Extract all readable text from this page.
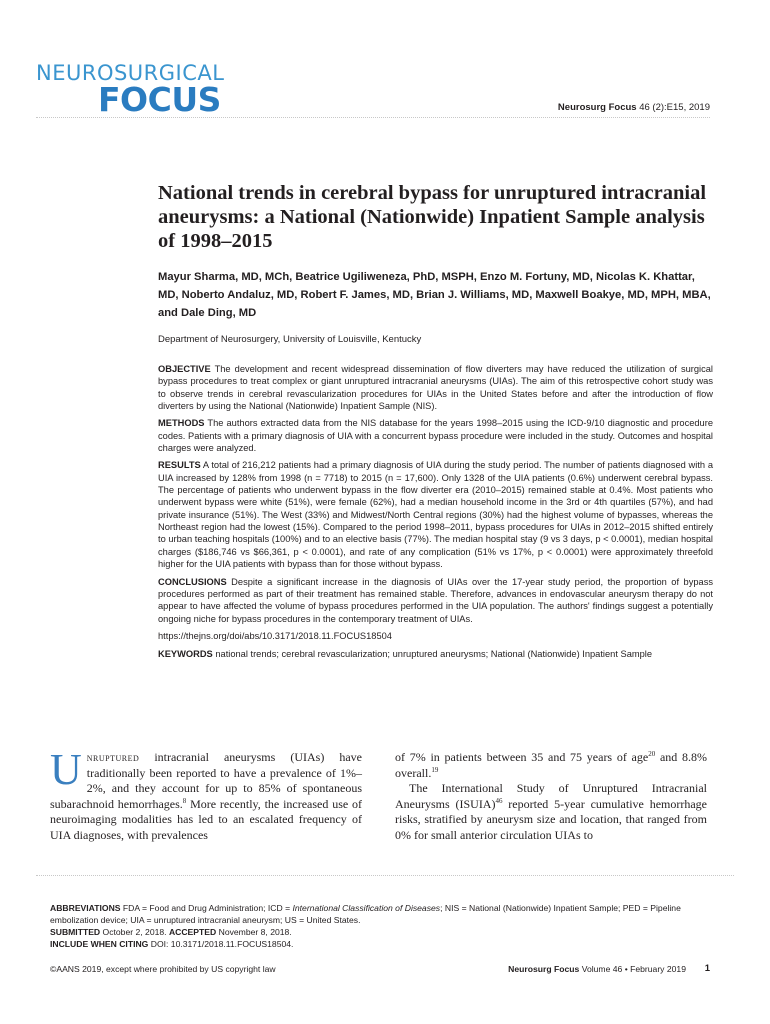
NEUROSURGICAL
FOCUS	Neurosurg Focus 46 (2):E15, 2019
National trends in cerebral bypass for unruptured intracranial aneurysms: a National (Nationwide) Inpatient Sample analysis of 1998–2015

Mayur Sharma, MD, MCh, Beatrice Ugiliweneza, PhD, MSPH, Enzo M. Fortuny, MD, Nicolas K. Khattar, MD, Noberto Andaluz, MD, Robert F. James, MD, Brian J. Williams, MD, Maxwell Boakye, MD, MPH, MBA, and Dale Ding, MD

Department of Neurosurgery, University of Louisville, Kentucky

OBJECTIVE The development and recent widespread dissemination of flow diverters may have reduced the utilization of surgical bypass procedures to treat complex or giant unruptured intracranial aneurysms (UIAs). The aim of this retrospective cohort study was to observe trends in cerebral revascularization procedures for UIAs in the United States before and after the introduction of flow diverters by using the National (Nationwide) Inpatient Sample (NIS).

METHODS The authors extracted data from the NIS database for the years 1998–2015 using the ICD-9/10 diagnostic and procedure codes. Patients with a primary diagnosis of UIA with a concurrent bypass procedure were included in the study. Outcomes and hospital charges were analyzed.

RESULTS A total of 216,212 patients had a primary diagnosis of UIA during the study period. The number of patients diagnosed with a UIA increased by 128% from 1998 (n = 7718) to 2015 (n = 17,600). Only 1328 of the UIA patients (0.6%) underwent cerebral bypass. The percentage of patients who underwent bypass in the flow diverter era (2010–2015) remained stable at 0.4%. Most patients who underwent bypass were white (51%), were female (62%), had a median household income in the 3rd or 4th quartiles (57%), and had private insurance (51%). The West (33%) and Midwest/North Central regions (30%) had the highest volume of bypasses, whereas the Northeast region had the lowest (15%). Compared to the period 1998–2011, bypass procedures for UIAs in 2012–2015 shifted entirely to urban teaching hospitals (100%) and to an elective basis (77%). The median hospital stay (9 vs 3 days, p < 0.0001), median hospital charges ($186,746 vs $66,361, p < 0.0001), and rate of any complication (51% vs 17%, p < 0.0001) were approximately threefold higher for the UIA patients with bypass than for those without bypass.

CONCLUSIONS Despite a significant increase in the diagnosis of UIAs over the 17-year study period, the proportion of bypass procedures performed as part of their treatment has remained stable. Therefore, advances in endovascular aneurysm therapy do not appear to have affected the volume of bypass procedures performed in the UIA population. The authors' findings suggest a potentially ongoing niche for bypass procedures in the contemporary treatment of UIAs.

https://thejns.org/doi/abs/10.3171/2018.11.FOCUS18504

KEYWORDS national trends; cerebral revascularization; unruptured aneurysms; National (Nationwide) Inpatient Sample

Unruptured intracranial aneurysms (UIAs) have traditionally been reported to have a prevalence of 1%–2%, and they account for up to 85% of spontaneous subarachnoid hemorrhages.$^8$ More recently, the increased use of neuroimaging modalities has led to an escalated frequency of UIA diagnoses, with prevalences

of 7% in patients between 35 and 75 years of age$^{20}$ and 8.8% overall.$^{19}$

The International Study of Unruptured Intracranial Aneurysms (ISUIA)$^{46}$ reported 5-year cumulative hemorrhage risks, stratified by aneurysm size and location, that ranged from 0% for small anterior circulation UIAs to

ABBREVIATIONS FDA = Food and Drug Administration; ICD = International Classification of Diseases; NIS = National (Nationwide) Inpatient Sample; PED = Pipeline embolization device; UIA = unruptured intracranial aneurysm; US = United States.

SUBMITTED October 2, 2018. ACCEPTED November 8, 2018.

INCLUDE WHEN CITING DOI: 10.3171/2018.11.FOCUS18504.

©AANS 2019, except where prohibited by US copyright law	Neurosurg Focus Volume 46 • February 2019 1
